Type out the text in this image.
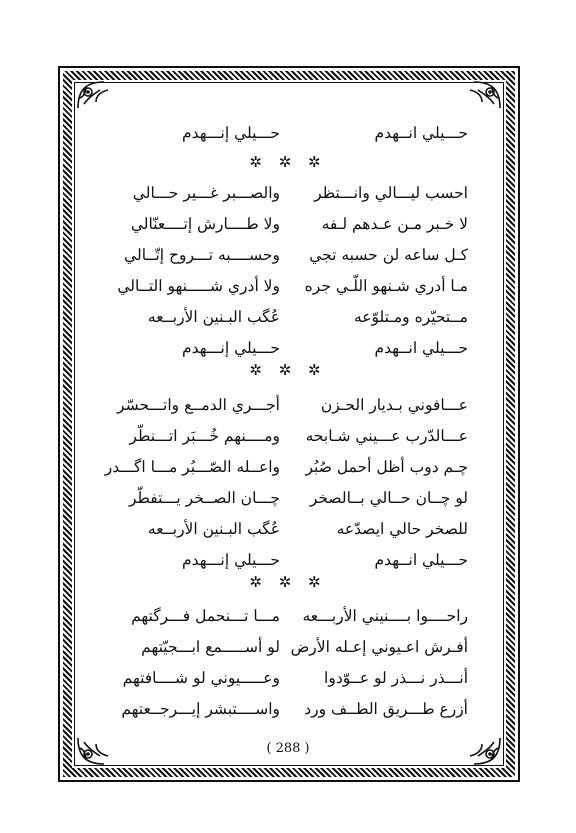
حـــيلي انــهدم
حـــيلي إنـــهدم
✲ ✲ ✲
احسب ليـــالي وانـــتظر
والصـــبر غـــير حـــالي
لا خـبر مـن عـدهم لـفه
ولا طــــارش إتــــعنّالي
كـل ساعه لن حسبه تجي
وحســــبه تـــروح إتّــالي
مـا أدري شـنهو اللّـي جره
ولا أدري شـــــنهو التــالي
مــتحيّره ومـتلوّعه
عُگب البـنين الأربــعه
حـــيلي انــهدم
حـــيلي إنـــهدم
✲ ✲ ✲
عـــافوني بـديار الحـزن
أجـــري الدمــع واتـــحسّر
عـــالدّرب عـــيني شـابحه
ومــــنهم خُـــبَر اتـــنطّر
چـم دوب أظل أحمل صُبُر
واعــله الصّـــبُر مـــا اگـــدر
لو چــان حــالي بــالصخر
چـــان الصــخر يـــتفطّر
للصخر حالي ايصدّعه
عُگب البـنين الأربــعه
حـــيلي انــهدم
حـــيلي إنـــهدم
✲ ✲ ✲
راحــــوا بــــنيني الأربـــعه
مـــا تـــنحمل فـــرگتهم
أفـرش اعـيوني إعـله الأرض
لو أســـــمع ابـــجيّتهم
أنـــذر نـــذر لو عــوّدوا
وعـــــيوني لو شــــافتهم
أزرع طـــريق الطــف ورد
واســــتبشر إيـــرجــعتهم
( 288 )
